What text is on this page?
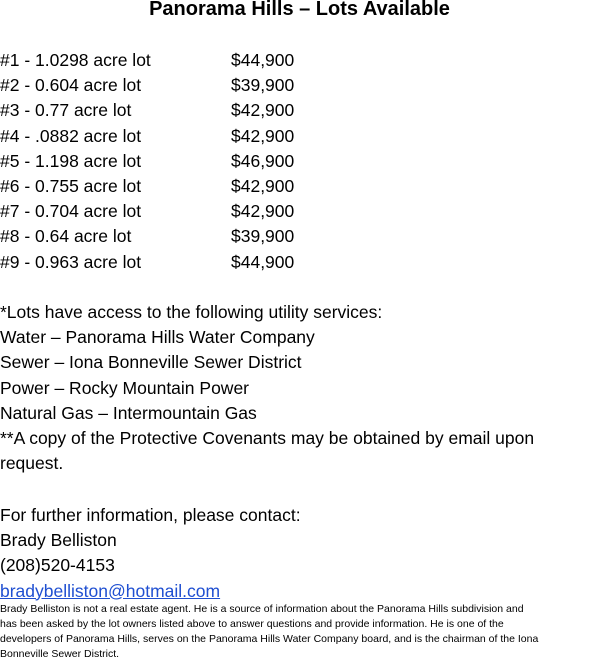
Panorama Hills – Lots Available
#1 - 1.0298 acre lot	$44,900
#2 - 0.604 acre lot	$39,900
#3 - 0.77 acre lot	$42,900
#4 - .0882 acre lot	$42,900
#5 - 1.198 acre lot	$46,900
#6 - 0.755 acre lot	$42,900
#7 - 0.704 acre lot	$42,900
#8 - 0.64 acre lot	$39,900
#9 - 0.963 acre lot	$44,900
*Lots have access to the following utility services:
Water – Panorama Hills Water Company
Sewer – Iona Bonneville Sewer District
Power – Rocky Mountain Power
Natural Gas – Intermountain Gas
**A copy of the Protective Covenants may be obtained by email upon request.
For further information, please contact:
Brady Belliston
(208)520-4153
bradybelliston@hotmail.com

Brady Belliston is not a real estate agent. He is a source of information about the Panorama Hills subdivision and
has been asked by the lot owners listed above to answer questions and provide information. He is one of the
developers of Panorama Hills, serves on the Panorama Hills Water Company board, and is the chairman of the Iona
Bonneville Sewer District.
